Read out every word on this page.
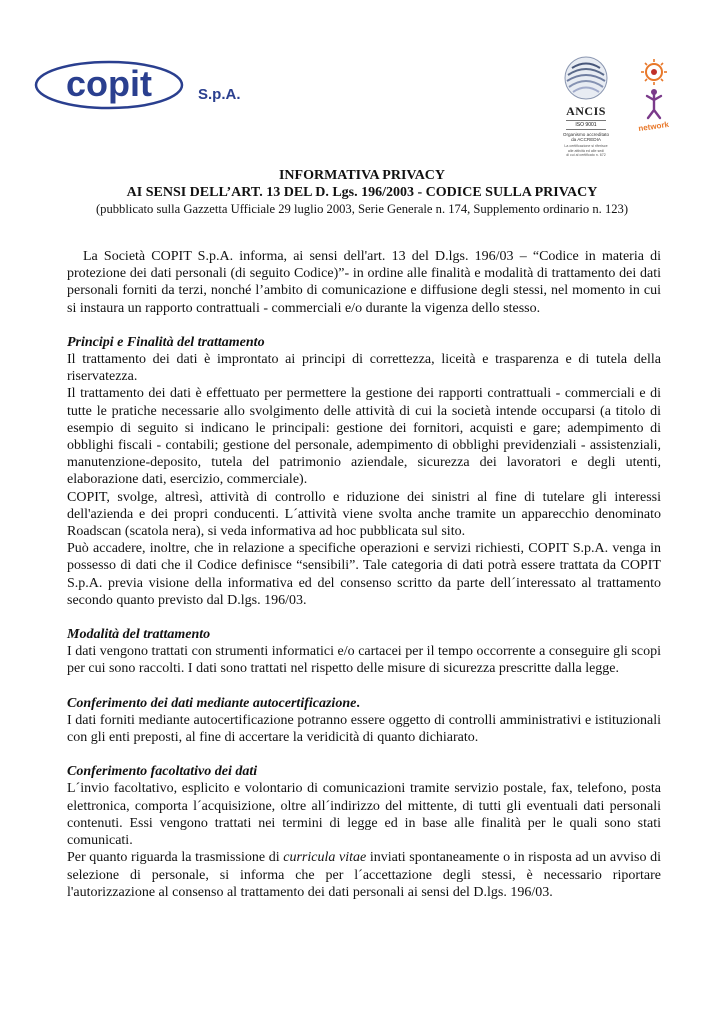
copit	S.p.A.
ANCIS
ISO 9001
Organismo accreditato
da ACCREDIA
La certificazione si riferisce
alle attività ed alle sedi
di cui al certificato n. 672
network
INFORMATIVA PRIVACY
AI SENSI DELL’ART. 13 DEL D. Lgs. 196/2003 - CODICE SULLA PRIVACY
(pubblicato sulla Gazzetta Ufficiale 29 luglio 2003, Serie Generale n. 174, Supplemento ordinario n. 123)

La Società COPIT S.p.A. informa, ai sensi dell'art. 13 del D.lgs. 196/03 – “Codice in materia di protezione dei dati personali (di seguito Codice)”- in ordine alle finalità e modalità di trattamento dei dati personali forniti da terzi, nonché l’ambito di comunicazione e diffusione degli stessi, nel momento in cui si instaura un rapporto contrattuali - commerciali e/o durante la vigenza dello stesso.

Principi e Finalità del trattamento

Il trattamento dei dati è improntato ai principi di correttezza, liceità e trasparenza e di tutela della riservatezza.

Il trattamento dei dati è effettuato per permettere la gestione dei rapporti contrattuali - commerciali e di tutte le pratiche necessarie allo svolgimento delle attività di cui la società intende occuparsi (a titolo di esempio di seguito si indicano le principali: gestione dei fornitori, acquisti e gare; adempimento di obblighi fiscali - contabili; gestione del personale, adempimento di obblighi previdenziali - assistenziali, manutenzione-deposito, tutela del patrimonio aziendale, sicurezza dei lavoratori e degli utenti, elaborazione dati, esercizio, commerciale).

COPIT, svolge, altresì, attività di controllo e riduzione dei sinistri al fine di tutelare gli interessi dell'azienda e dei propri conducenti. L´attività viene svolta anche tramite un apparecchio denominato Roadscan (scatola nera), si veda informativa ad hoc pubblicata sul sito.

Può accadere, inoltre, che in relazione a specifiche operazioni e servizi richiesti, COPIT S.p.A. venga in possesso di dati che il Codice definisce “sensibili”. Tale categoria di dati potrà essere trattata da COPIT S.p.A. previa visione della informativa ed del consenso scritto da parte dell´interessato al trattamento secondo quanto previsto dal D.lgs. 196/03.

Modalità del trattamento

I dati vengono trattati con strumenti informatici e/o cartacei per il tempo occorrente a conseguire gli scopi per cui sono raccolti. I dati sono trattati nel rispetto delle misure di sicurezza prescritte dalla legge.

Conferimento dei dati mediante autocertificazione.

I dati forniti mediante autocertificazione potranno essere oggetto di controlli amministrativi e istituzionali con gli enti preposti, al fine di accertare la veridicità di quanto dichiarato.

Conferimento facoltativo dei dati

L´invio facoltativo, esplicito e volontario di comunicazioni tramite servizio postale, fax, telefono, posta elettronica, comporta l´acquisizione, oltre all´indirizzo del mittente, di tutti gli eventuali dati personali contenuti. Essi vengono trattati nei termini di legge ed in base alle finalità per le quali sono stati comunicati.

Per quanto riguarda la trasmissione di curricula vitae inviati spontaneamente o in risposta ad un avviso di selezione di personale, si informa che per l´accettazione degli stessi, è necessario riportare l'autorizzazione al consenso al trattamento dei dati personali ai sensi del D.lgs. 196/03.
